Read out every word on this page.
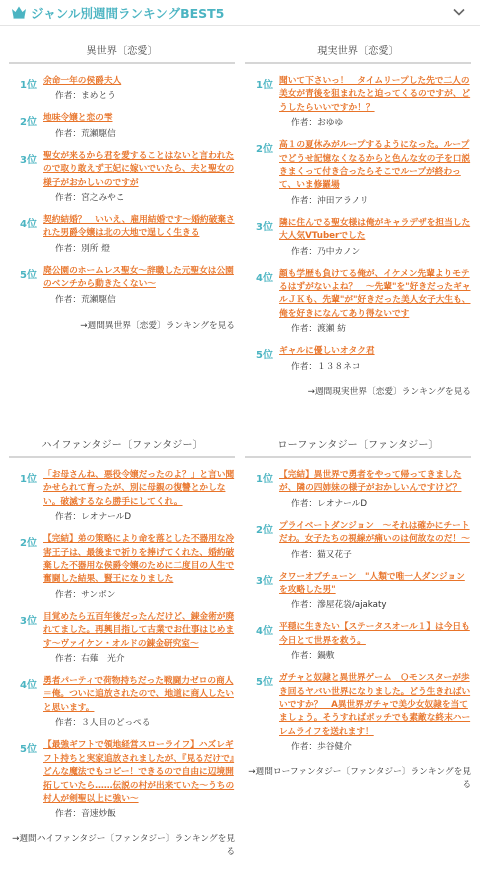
ジャンル別週間ランキングBEST5
異世界〔恋愛〕
1位 余命一年の侯爵夫人
作者：まめとう
2位 地味令嬢と恋の雫
作者：荒瀬駆信
3位 聖女が来るから君を愛することはないと言われたので取り敢えず王妃に嫁いでいたら、夫と聖女の様子がおかしいのですが
作者：宮之みやこ
4位 契約結婚？　いいえ、雇用結婚です～婚約破棄された男爵令嬢は北の大地で逞しく生きる
作者：別所 燈
5位 廃公園のホームレス聖女～辞職した元聖女は公園のベンチから動きたくない～
作者：荒瀬駆信
→週間異世界〔恋愛〕ランキングを見る
現実世界〔恋愛〕
1位 聞いて下さいっ！　タイムリープした先で二人の美女が青後を狙まれたと迫ってくるのですが、どうしたらいいですか！？
作者：おゆゆ
2位 高１の夏休みがループするようになった。ループでどうせ記憶なくなるからと色んな女の子を口説きまくって付き合ったらそこでループが終わって、いま修羅場
作者：沖田アラノリ
3位 隣に住んでる聖女様は俺がキャラデザを担当した大人気VTuberでした
作者：乃中カノン
4位 顔も学歴も負けてる俺が、イケメン先輩よりモテるはずがないよね？　～先輩"を"好きだったギャルＪＫも、先輩"が"好きだった美人女子大生も、俺を好きになんてあり得ないです
作者：渡瀬 紡
5位 ギャルに優しいオタク君
作者：１３８ネコ
→週間現実世界〔恋愛〕ランキングを見る
ハイファンタジー〔ファンタジー〕
1位 「お母さんね、悪役令嬢だったのよ？」と言い聞かせられて育ったが、別に母親の復讐とかしない。破滅するなら勝手にしてくれ。
作者：レオナールD
2位 【完結】弟の策略により命を落とした不器用な冷害王子は、最後まで祈りを捧げてくれた、婚約破棄した不器用な侯爵令嬢のために二度目の人生で奮闘した結果、賢王になりました
作者：サンボン
3位 目覚めたら五百年後だったんだけど、錬金術が廃れてました。再興目指して古業でお仕事はじめます～ヴァイケン・オルドの錬金研究室～
作者：右薙　光介
4位 勇者パーティで荷物持ちだった戦闘力ゼロの商人＝俺。ついに追放されたので、地道に商人したいと思います。
作者：３人目のどっぺる
5位 【最強ギフトで領地経営スローライフ】ハズレギフト持ちと実家追放されましたが、『見るだけで』どんな魔法でもコピー！できるので自由に辺境開拓していたら……伝説の村が出来ていた～うちの村人が剣聖以上に強い～
作者：音速炒飯
→週間ハイファンタジー〔ファンタジー〕ランキングを見る
ローファンタジー〔ファンタジー〕
1位 【完結】異世界で勇者をやって帰ってきましたが、隣の四姉妹の様子がおかしいんですけど？
作者：レオナールD
2位 プライベートダンジョン　～それは確かにチートだわ。女子たちの視線が痛いのは何故なのだ！～
作者：猫又花子
3位 タワーオブチューン　"人類で唯一人ダンジョンを攻略した男"
作者：滲屋花袋/ajakaty
4位 平穏に生きたい【ステータスオール１】は今日も今日とて世界を救う。
作者：鍋敷
5位 ガチャと奴隷と異世界ゲーム　Ｑモンスターが歩き回るヤバい世界になりました。どう生きればいいですか？　A異世界ガチャで美少女奴隷を当てましょう。そうすればボッチでも素敵な終末ハーレムライフを送れます！
作者：歩谷健介
→週間ローファンタジー〔ファンタジー〕ランキングを見る
